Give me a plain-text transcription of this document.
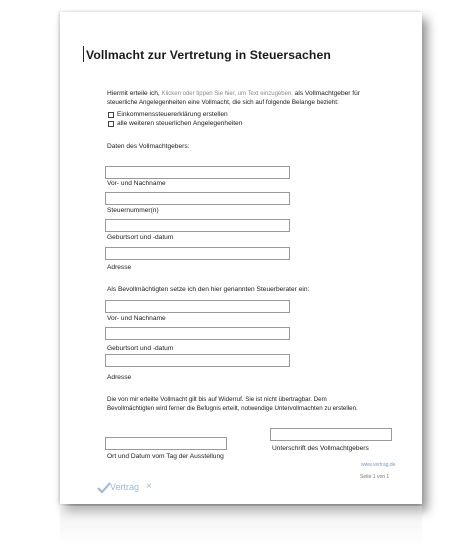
Vollmacht zur Vertretung in Steuersachen
Hiermit erteile ich, Klicken oder tippen Sie hier, um Text einzugeben. als Vollmachtgeber für
steuerliche Angelegenheiten eine Vollmacht, die sich auf folgende Belange bezieht:
Einkommenssteuererklärung erstellen
alle weiteren steuerlichen Angelegenheiten
Daten des Vollmachtgebers:
Vor- und Nachname
Steuernummer(n)
Geburtsort und -datum
Adresse
Als Bevollmächtigten setze ich den hier genannten Steuerberater ein:
Vor- und Nachname
Geburtsort und -datum
Adresse
Die von mir erteilte Vollmacht gilt bis auf Widerruf. Sie ist nicht übertragbar. Dem
Bevollmächtigten wird ferner die Befugnis erteilt, notwendige Untervollmachten zu erstellen.
Ort und Datum vom Tag der Ausstellung
Unterschrift des Vollmachtgebers
www.vertrag.de
Seite 1 von 1
Vertrag ×
